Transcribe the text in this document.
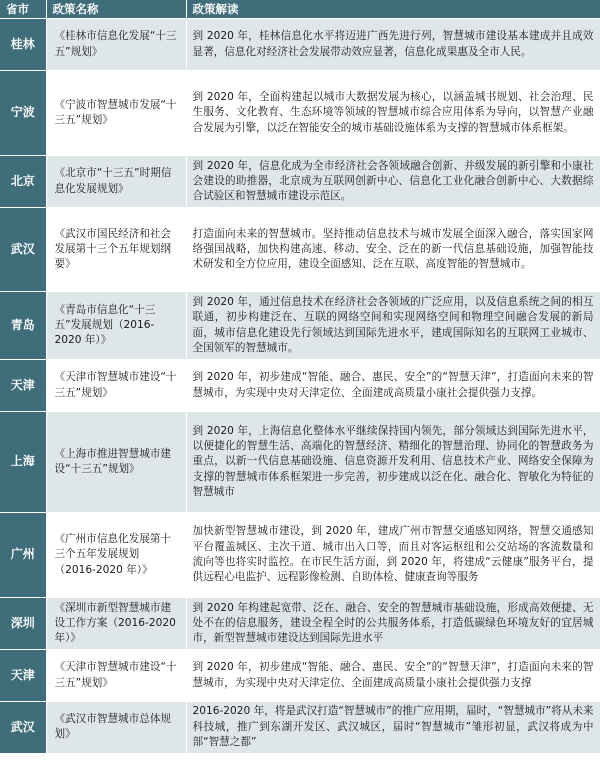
省市	政策名称	政策解读
桂林	《桂林市信息化发展“十三五”规划》	到 2020 年，桂林信息化水平将迈进广西先进行列，智慧城市建设基本建成并且成效显著，信息化对经济社会发展带动效应显著，信息化成果惠及全市人民。
宁波	《宁波市智慧城市发展“十三五”规划》	到 2020 年，全面构建起以城市大数据发展为核心，以涵盖城书规划、社会治理、民生服务、文化教育、生态环境等领域的智慧城市综合应用体系为导向，以智慧产业融合发展为引擎，以泛在智能安全的城市基础设施体系为支撑的智慧城市体系框架。
北京	《北京市“十三五”时期信息化发展规划》	到 2020 年，信息化成为全市经济社会各领域融合创新、并级发展的新引擎和小康社会建设的助推器，北京成为互联网创新中心、信息化工业化融合创新中心、大数据综合试验区和智慧城市建设示范区。
武汉	《武汉市国民经济和社会发展第十三个五年规划纲要》	打造面向未来的智慧城市。坚持推动信息技术与城市发展全面深入融合，落实国家网络强国战略，加快构建高速、移动、安全、泛在的新一代信息基础设施，加强智能技术研发和全方位应用，建设全面感知、泛在互联、高度智能的智慧城市。
青岛	《青岛市信息化“十三五”发展规划（2016-2020 年）》	到 2020 年，通过信息技术在经济社会各领域的广泛应用，以及信息系统之间的相互联通，初步构建泛在、互联的网络空间和实现网络空间和物理空间融合发展的新局面，城市信息化建设先行领域达到国际先进水平，建成国际知名的互联网工业城市、全国领军的智慧城市。
天津	《天津市智慧城市建设“十三五”规划》	到 2020 年，初步建成“智能、融合、惠民、安全”的“智慧天津”，打造面向未来的智慧城市，为实现中央对天津定位、全面建成高质量小康社会提供强力支撑。
上海	《上海市推进智慧城市建设“十三五”规划》	到 2020 年，上海信息化整体水平继续保持国内领先，部分领域达到国际先进水平，以便捷化的智慧生活、高端化的智慧经济、精细化的智慧治理、协同化的智慧政务为重点，以新一代信息基础设施、信息资源开发利用、信息技术产业、网络安全保障为支撑的智慧城市体系框架进一步完善，初步建成以泛在化、融合化、智敏化为特征的智慧城市
广州	《广州市信息化发展第十三个五年发展规划（2016-2020 年）》	加快新型智慧城市建设，到 2020 年，建成广州市智慧交通感知网络，智慧交通感知平台覆盖城区、主次干道、城市出入口等，而且对客运枢纽和公交站场的客流数量和流向等也将实时监控。在市民生活方面，到 2020 年，将建成“云健康”服务平台，提供远程心电监护、远程影像检测、自助体检、健康查询等服务
深圳	《深圳市新型智慧城市建设工作方案（2016-2020 年）》	到 2020 年构建起宽带、泛在、融合、安全的智慧城市基础设施，形成高效便捷、无处不在的信息服务，建设全程全时的公共服务体系，打造低碳绿色环境友好的宜居城市，新型智慧城市建设达到国际先进水平
天津	《天津市智慧城市建设“十三五”规划》	到 2020 年，初步建成“智能、融合、惠民、安全”的“智慧天津”，打造面向未来的智慧城市，为实现中央对天津定位、全面建成高质量小康社会提供强力支撑
武汉	《武汉市智慧城市总体规划》	2016-2020 年，将是武汉打造“智慧城市”的推广应用期，届时，“智慧城市”将从未来科技城，推广到东湖开发区、武汉城区，届时“智慧城市”雏形初显，武汉将成为中部“智慧之都”
